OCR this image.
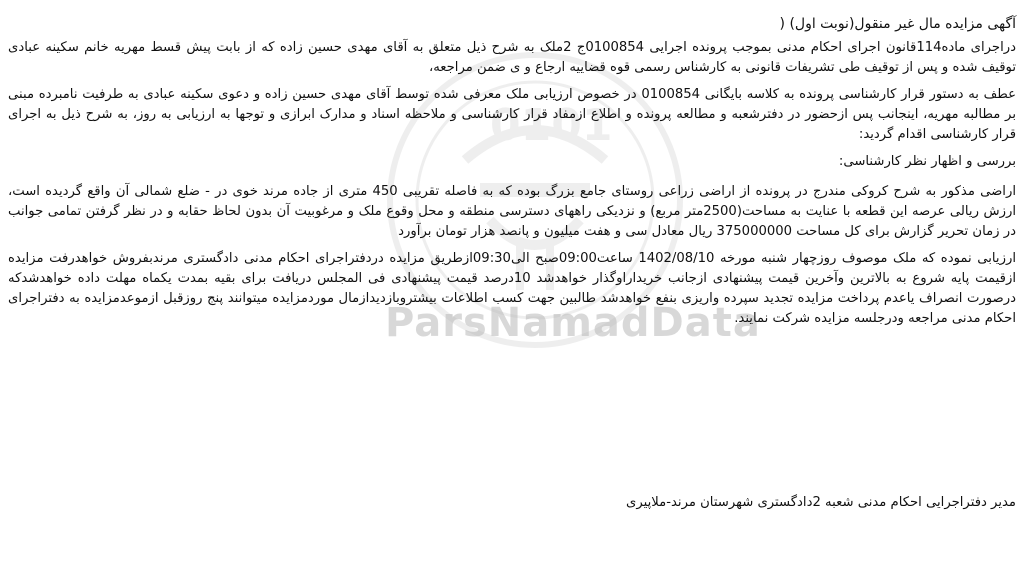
0101
ParsNamadData
آگهی مزایده مال غیر منقول(نوبت اول) (
دراجرای ماده114قانون اجرای احکام مدنی بموجب پرونده اجرایی 0100854ج 2ملک به شرح ذیل متعلق به آقای مهدی حسین زاده که از بابت پیش قسط مهریه خانم سکینه عبادی توقیف شده و پس از توقیف طی تشریفات قانونی به کارشناس رسمی قوه قضاییه ارجاع و ی ضمن مراجعه،
عطف به دستور قرار کارشناسی پرونده به کلاسه بایگانی 0100854 در خصوص ارزیابی ملک معرفی شده توسط آقای مهدی حسین زاده و دعوی سکینه عبادی به طرفیت نامبرده مبنی بر مطالبه مهریه، اینجانب پس ازحضور در دفترشعبه و مطالعه پرونده و اطلاع ازمفاد قرار کارشناسی و ملاحظه اسناد و مدارک ابرازی و توجها به ارزیابی به روز، به شرح ذیل به اجرای قرار کارشناسی اقدام گردید:
بررسی و اظهار نظر کارشناسی:
اراضی مذکور به شرح کروکی مندرج در پرونده از اراضی زراعی روستای جامع بزرگ بوده که به فاصله تقریبی 450 متری از جاده مرند خوی در - ضلع شمالی آن واقع گردیده است، ارزش ریالی عرصه این قطعه با عنایت به مساحت(2500متر مربع) و نزدیکی راههای دسترسی منطقه و محل وقوع ملک و مرغوبیت آن بدون لحاظ حقابه و در نظر گرفتن تمامی جوانب در زمان تحریر گزارش برای کل مساحت 375000000 ریال معادل سی و هفت میلیون و پانصد هزار تومان برآورد
ارزیابی نموده که ملک موصوف روزچهار شنبه مورخه 1402/08/10 ساعت09:00صبح الی09:30ازطریق مزایده دردفتراجرای احکام مدنی دادگستری مرندبفروش خواهدرفت مزایده ازقیمت پایه شروع به بالاترین وآخرین قیمت پیشنهادی ازجانب خریداراوگذار خواهدشد 10درصد قیمت پیشنهادی فی المجلس دریافت برای بقیه بمدت یکماه مهلت داده خواهدشدکه درصورت انصراف یاعدم پرداخت مزایده تجدید سپرده واریزی بنفع خواهدشد طالبین جهت کسب اطلاعات بیشتروبازدیدازمال موردمزایده میتوانند پنج روزقبل ازموعدمزایده به دفتراجرای احکام مدنی مراجعه ودرجلسه مزایده شرکت نمایند.
مدیر دفتراجرایی احکام مدنی شعبه 2دادگستری شهرستان مرند-ملاپیری
